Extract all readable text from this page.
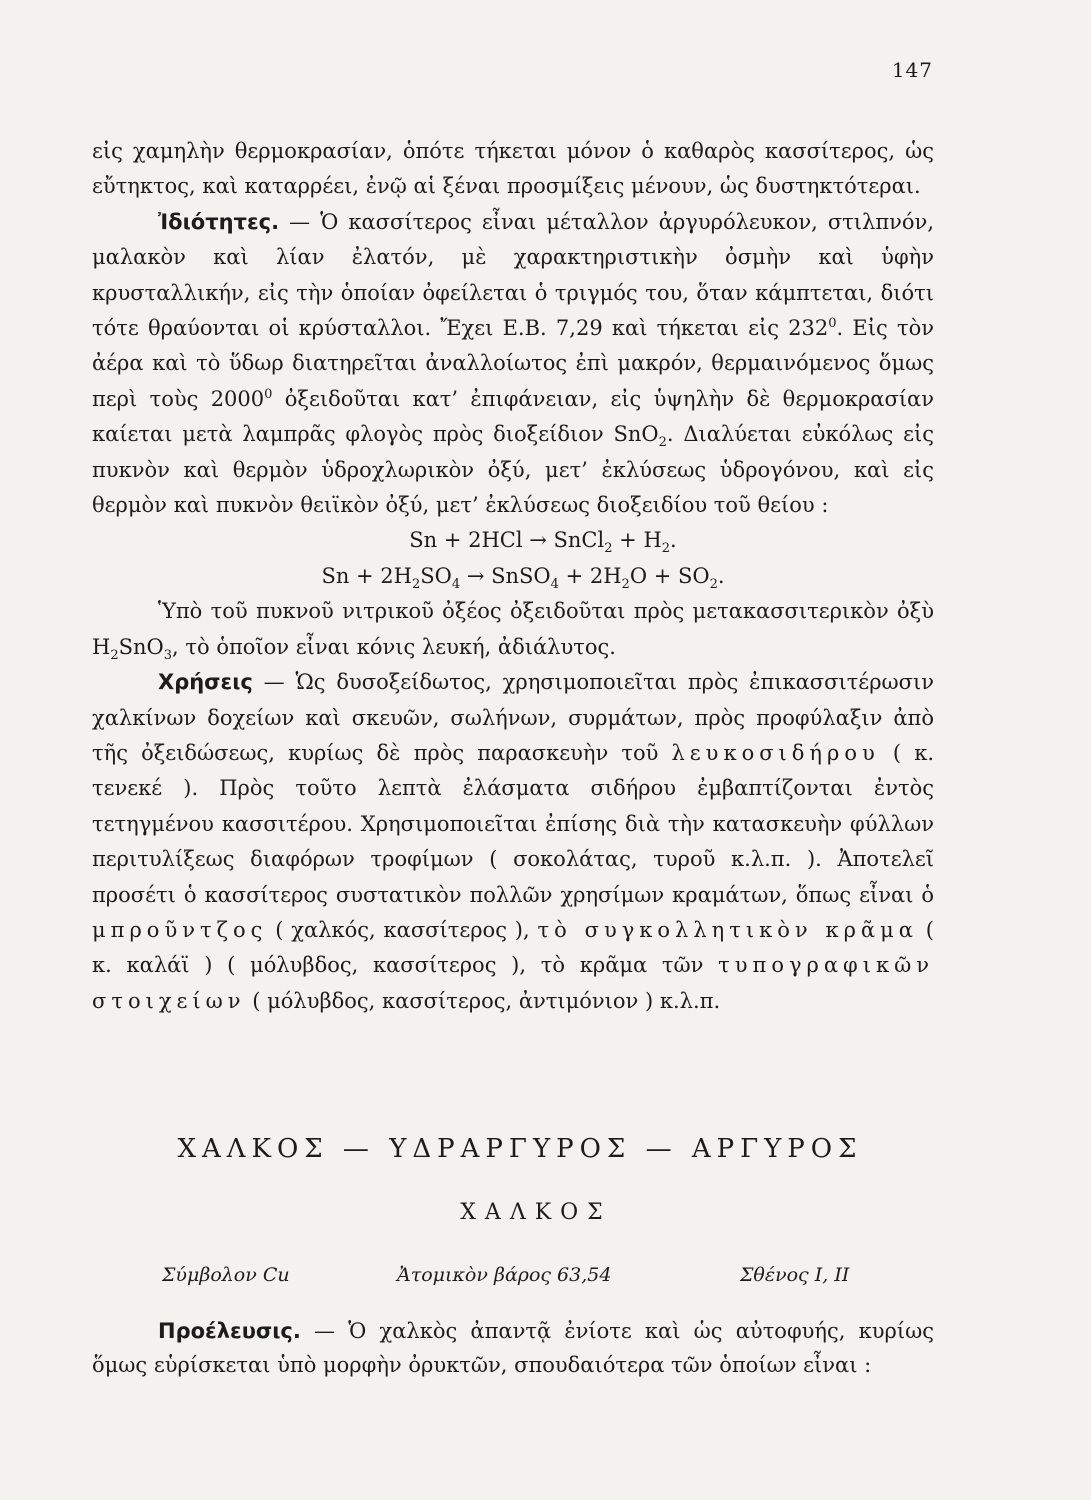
147

εἰς χαμηλὴν θερμοκρασίαν, ὁπότε τήκεται μόνον ὁ καθαρὸς κασσίτερος, ὡς εὔτηκτος, καὶ καταρρέει, ἐνῷ αἱ ξέναι προσμίξεις μένουν, ὡς δυστηκτότεραι.

Ἰδιότητες. — Ὁ κασσίτερος εἶναι μέταλλον ἀργυρόλευκον, στιλπνόν, μαλακὸν καὶ λίαν ἐλατόν, μὲ χαρακτηριστικὴν ὀσμὴν καὶ ὑφὴν κρυσταλλικήν, εἰς τὴν ὁποίαν ὀφείλεται ὁ τριγμός του, ὅταν κάμπτεται, διότι τότε θραύονται οἱ κρύσταλλοι. Ἔχει Ε.Β. 7,29 καὶ τήκεται εἰς $232^0$. Εἰς τὸν ἀέρα καὶ τὸ ὕδωρ διατηρεῖται ἀναλλοίωτος ἐπὶ μακρόν, θερμαινόμενος ὅμως περὶ τοὺς 2000$^0$ ὀξειδοῦται κατ’ ἐπιφάνειαν, εἰς ὑψηλὴν δὲ θερμοκρασίαν καίεται μετὰ λαμπρᾶς φλογὸς πρὸς διοξείδιον SnO$_2$. Διαλύεται εὐκόλως εἰς πυκνὸν καὶ θερμὸν ὑδροχλωρικὸν ὀξύ, μετ’ ἐκλύσεως ὑδρογόνου, καὶ εἰς θερμὸν καὶ πυκνὸν θειϊκὸν ὀξύ, μετ’ ἐκλύσεως διοξειδίου τοῦ θείου :

Sn + 2HCl → SnCl$_2$ + $H_2$.

$Sn + 2H_2SO_4$ → SnSO$_4$ + $2H_2O + SO_2$.

Ὑπὸ τοῦ πυκνοῦ νιτρικοῦ ὀξέος ὀξειδοῦται πρὸς μετακασσιτερικὸν ὀξὺ $H_2SnO_3$, τὸ ὁποῖον εἶναι κόνις λευκή, ἀδιάλυτος.

Χρήσεις — Ὡς δυσοξείδωτος, χρησιμοποιεῖται πρὸς ἐπικασσιτέρωσιν χαλκίνων δοχείων καὶ σκευῶν, σωλήνων, συρμάτων, πρὸς προφύλαξιν ἀπὸ τῆς ὀξειδώσεως, κυρίως δὲ πρὸς παρασκευὴν τοῦ λευκοσιδήρου ( κ. τενεκέ ). Πρὸς τοῦτο λεπτὰ ἐλάσματα σιδήρου ἐμβαπτίζονται ἐντὸς τετηγμένου κασσιτέρου. Χρησιμοποιεῖται ἐπίσης διὰ τὴν κατασκευὴν φύλλων περιτυλίξεως διαφόρων τροφίμων ( σοκολάτας, τυροῦ κ.λ.π. ). Ἀποτελεῖ προσέτι ὁ κασσίτερος συστατικὸν πολλῶν χρησίμων κραμάτων, ὅπως εἶναι ὁ μπροῦντζος ( χαλκός, κασσίτερος ), τὸ συγκολλητικὸν κρᾶμα ( κ. καλάϊ ) ( μόλυβδος, κασσίτερος ), τὸ κρᾶμα τῶν τυπογραφικῶν στοιχείων ( μόλυβδος, κασσίτερος, ἀντιμόνιον ) κ.λ.π.

ΧΑΛΚΟΣ — ΥΔΡΑΡΓΥΡΟΣ — ΑΡΓΥΡΟΣ
ΧΑΛΚΟΣ
Σύμβολον Cu	Ἀτομικὸν βάρος 63,54	Σθένος I, II

Προέλευσις. — Ὁ χαλκὸς ἀπαντᾷ ἐνίοτε καὶ ὡς αὐτοφυής, κυρίως ὅμως εὑρίσκεται ὑπὸ μορφὴν ὀρυκτῶν, σπουδαιότερα τῶν ὁποίων εἶναι :
